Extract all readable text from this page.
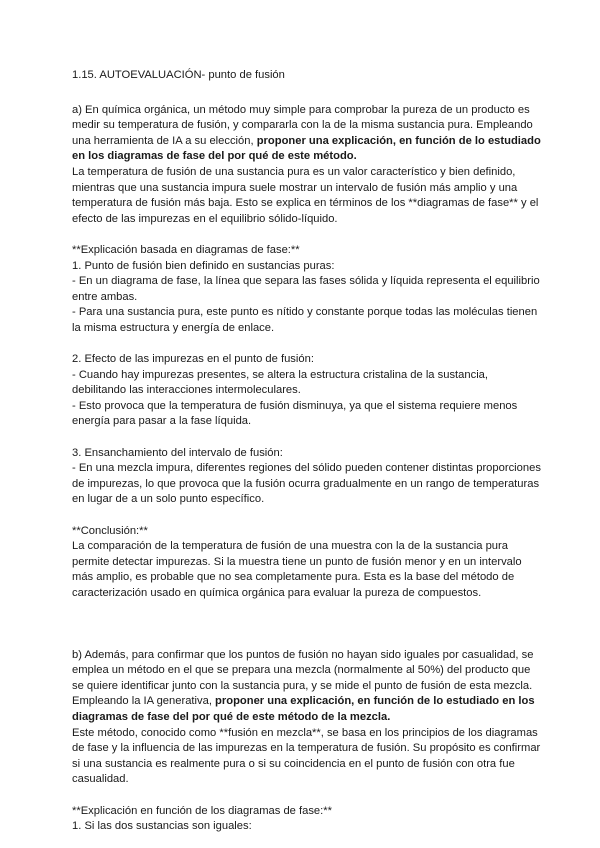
1.15. AUTOEVALUACIÓN- punto de fusión

a) En química orgánica, un método muy simple para comprobar la pureza de un producto es medir su temperatura de fusión, y compararla con la de la misma sustancia pura. Empleando una herramienta de IA a su elección, proponer una explicación, en función de lo estudiado en los diagramas de fase del por qué de este método.

La temperatura de fusión de una sustancia pura es un valor característico y bien definido, mientras que una sustancia impura suele mostrar un intervalo de fusión más amplio y una temperatura de fusión más baja. Esto se explica en términos de los **diagramas de fase** y el efecto de las impurezas en el equilibrio sólido-líquido.

**Explicación basada en diagramas de fase:**

1. Punto de fusión bien definido en sustancias puras:

- En un diagrama de fase, la línea que separa las fases sólida y líquida representa el equilibrio entre ambas.

- Para una sustancia pura, este punto es nítido y constante porque todas las moléculas tienen la misma estructura y energía de enlace.

2. Efecto de las impurezas en el punto de fusión:

- Cuando hay impurezas presentes, se altera la estructura cristalina de la sustancia, debilitando las interacciones intermoleculares.

- Esto provoca que la temperatura de fusión disminuya, ya que el sistema requiere menos energía para pasar a la fase líquida.

3. Ensanchamiento del intervalo de fusión:

- En una mezcla impura, diferentes regiones del sólido pueden contener distintas proporciones de impurezas, lo que provoca que la fusión ocurra gradualmente en un rango de temperaturas en lugar de a un solo punto específico.

**Conclusión:**

La comparación de la temperatura de fusión de una muestra con la de la sustancia pura permite detectar impurezas. Si la muestra tiene un punto de fusión menor y en un intervalo más amplio, es probable que no sea completamente pura. Esta es la base del método de caracterización usado en química orgánica para evaluar la pureza de compuestos.

b) Además, para confirmar que los puntos de fusión no hayan sido iguales por casualidad, se emplea un método en el que se prepara una mezcla (normalmente al 50%) del producto que se quiere identificar junto con la sustancia pura, y se mide el punto de fusión de esta mezcla. Empleando la IA generativa, proponer una explicación, en función de lo estudiado en los diagramas de fase del por qué de este método de la mezcla.

Este método, conocido como **fusión en mezcla**, se basa en los principios de los diagramas de fase y la influencia de las impurezas en la temperatura de fusión. Su propósito es confirmar si una sustancia es realmente pura o si su coincidencia en el punto de fusión con otra fue casualidad.

**Explicación en función de los diagramas de fase:**

1. Si las dos sustancias son iguales:
